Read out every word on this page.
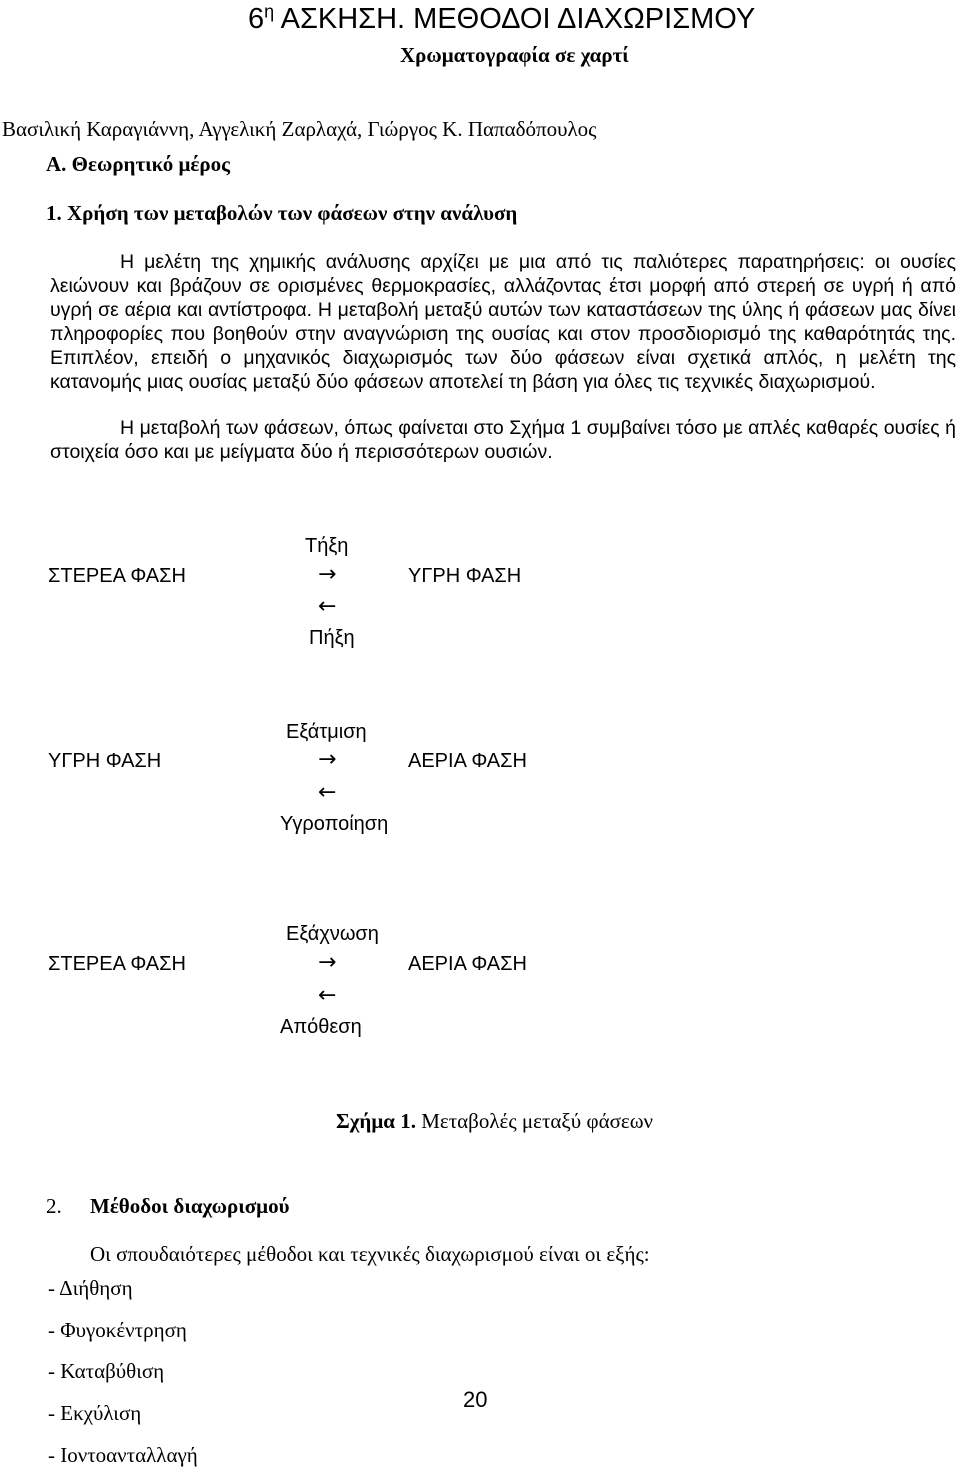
$6^\eta$ ΑΣΚΗΣΗ. ΜΕΘΟΔΟΙ ΔΙΑΧΩΡΙΣΜΟΥ
Χρωματογραφία σε χαρτί
Βασιλική Καραγιάννη, Αγγελική Ζαρλαχά, Γιώργος Κ. Παπαδόπουλος
Α. Θεωρητικό μέρος
1. Χρήση των μεταβολών των φάσεων στην ανάλυση

Η μελέτη της χημικής ανάλυσης αρχίζει με μια από τις παλιότερες παρατηρήσεις: οι ουσίες λειώνουν και βράζουν σε ορισμένες θερμοκρασίες, αλλάζοντας έτσι μορφή από στερεή σε υγρή ή από υγρή σε αέρια και αντίστροφα. Η μεταβολή μεταξύ αυτών των καταστάσεων της ύλης ή φάσεων μας δίνει πληροφορίες που βοηθούν στην αναγνώριση της ουσίας και στον προσδιορισμό της καθαρότητάς της. Επιπλέον, επειδή ο μηχανικός διαχωρισμός των δύο φάσεων είναι σχετικά απλός, η μελέτη της κατανομής μιας ουσίας μεταξύ δύο φάσεων αποτελεί τη βάση για όλες τις τεχνικές διαχωρισμού.

Η μεταβολή των φάσεων, όπως φαίνεται στο Σχήμα 1 συμβαίνει τόσο με απλές καθαρές ουσίες ή στοιχεία όσο και με μείγματα δύο ή περισσότερων ουσιών.

Τήξη
ΣΤΕΡΕΑ ΦΑΣΗ	→	ΥΓΡΗ ΦΑΣΗ
←
Πήξη
Εξάτμιση
ΥΓΡΗ ΦΑΣΗ	→	ΑΕΡΙΑ ΦΑΣΗ
←
Υγροποίηση
Εξάχνωση
ΣΤΕΡΕΑ ΦΑΣΗ	→	ΑΕΡΙΑ ΦΑΣΗ
←
Απόθεση
Σχήμα 1. Μεταβολές μεταξύ φάσεων
2. Μέθοδοι διαχωρισμού
Οι σπουδαιότερες μέθοδοι και τεχνικές διαχωρισμού είναι οι εξής:
- Διήθηση
- Φυγοκέντρηση
- Καταβύθιση
- Εκχύλιση
- Ιοντοανταλλαγή
20
